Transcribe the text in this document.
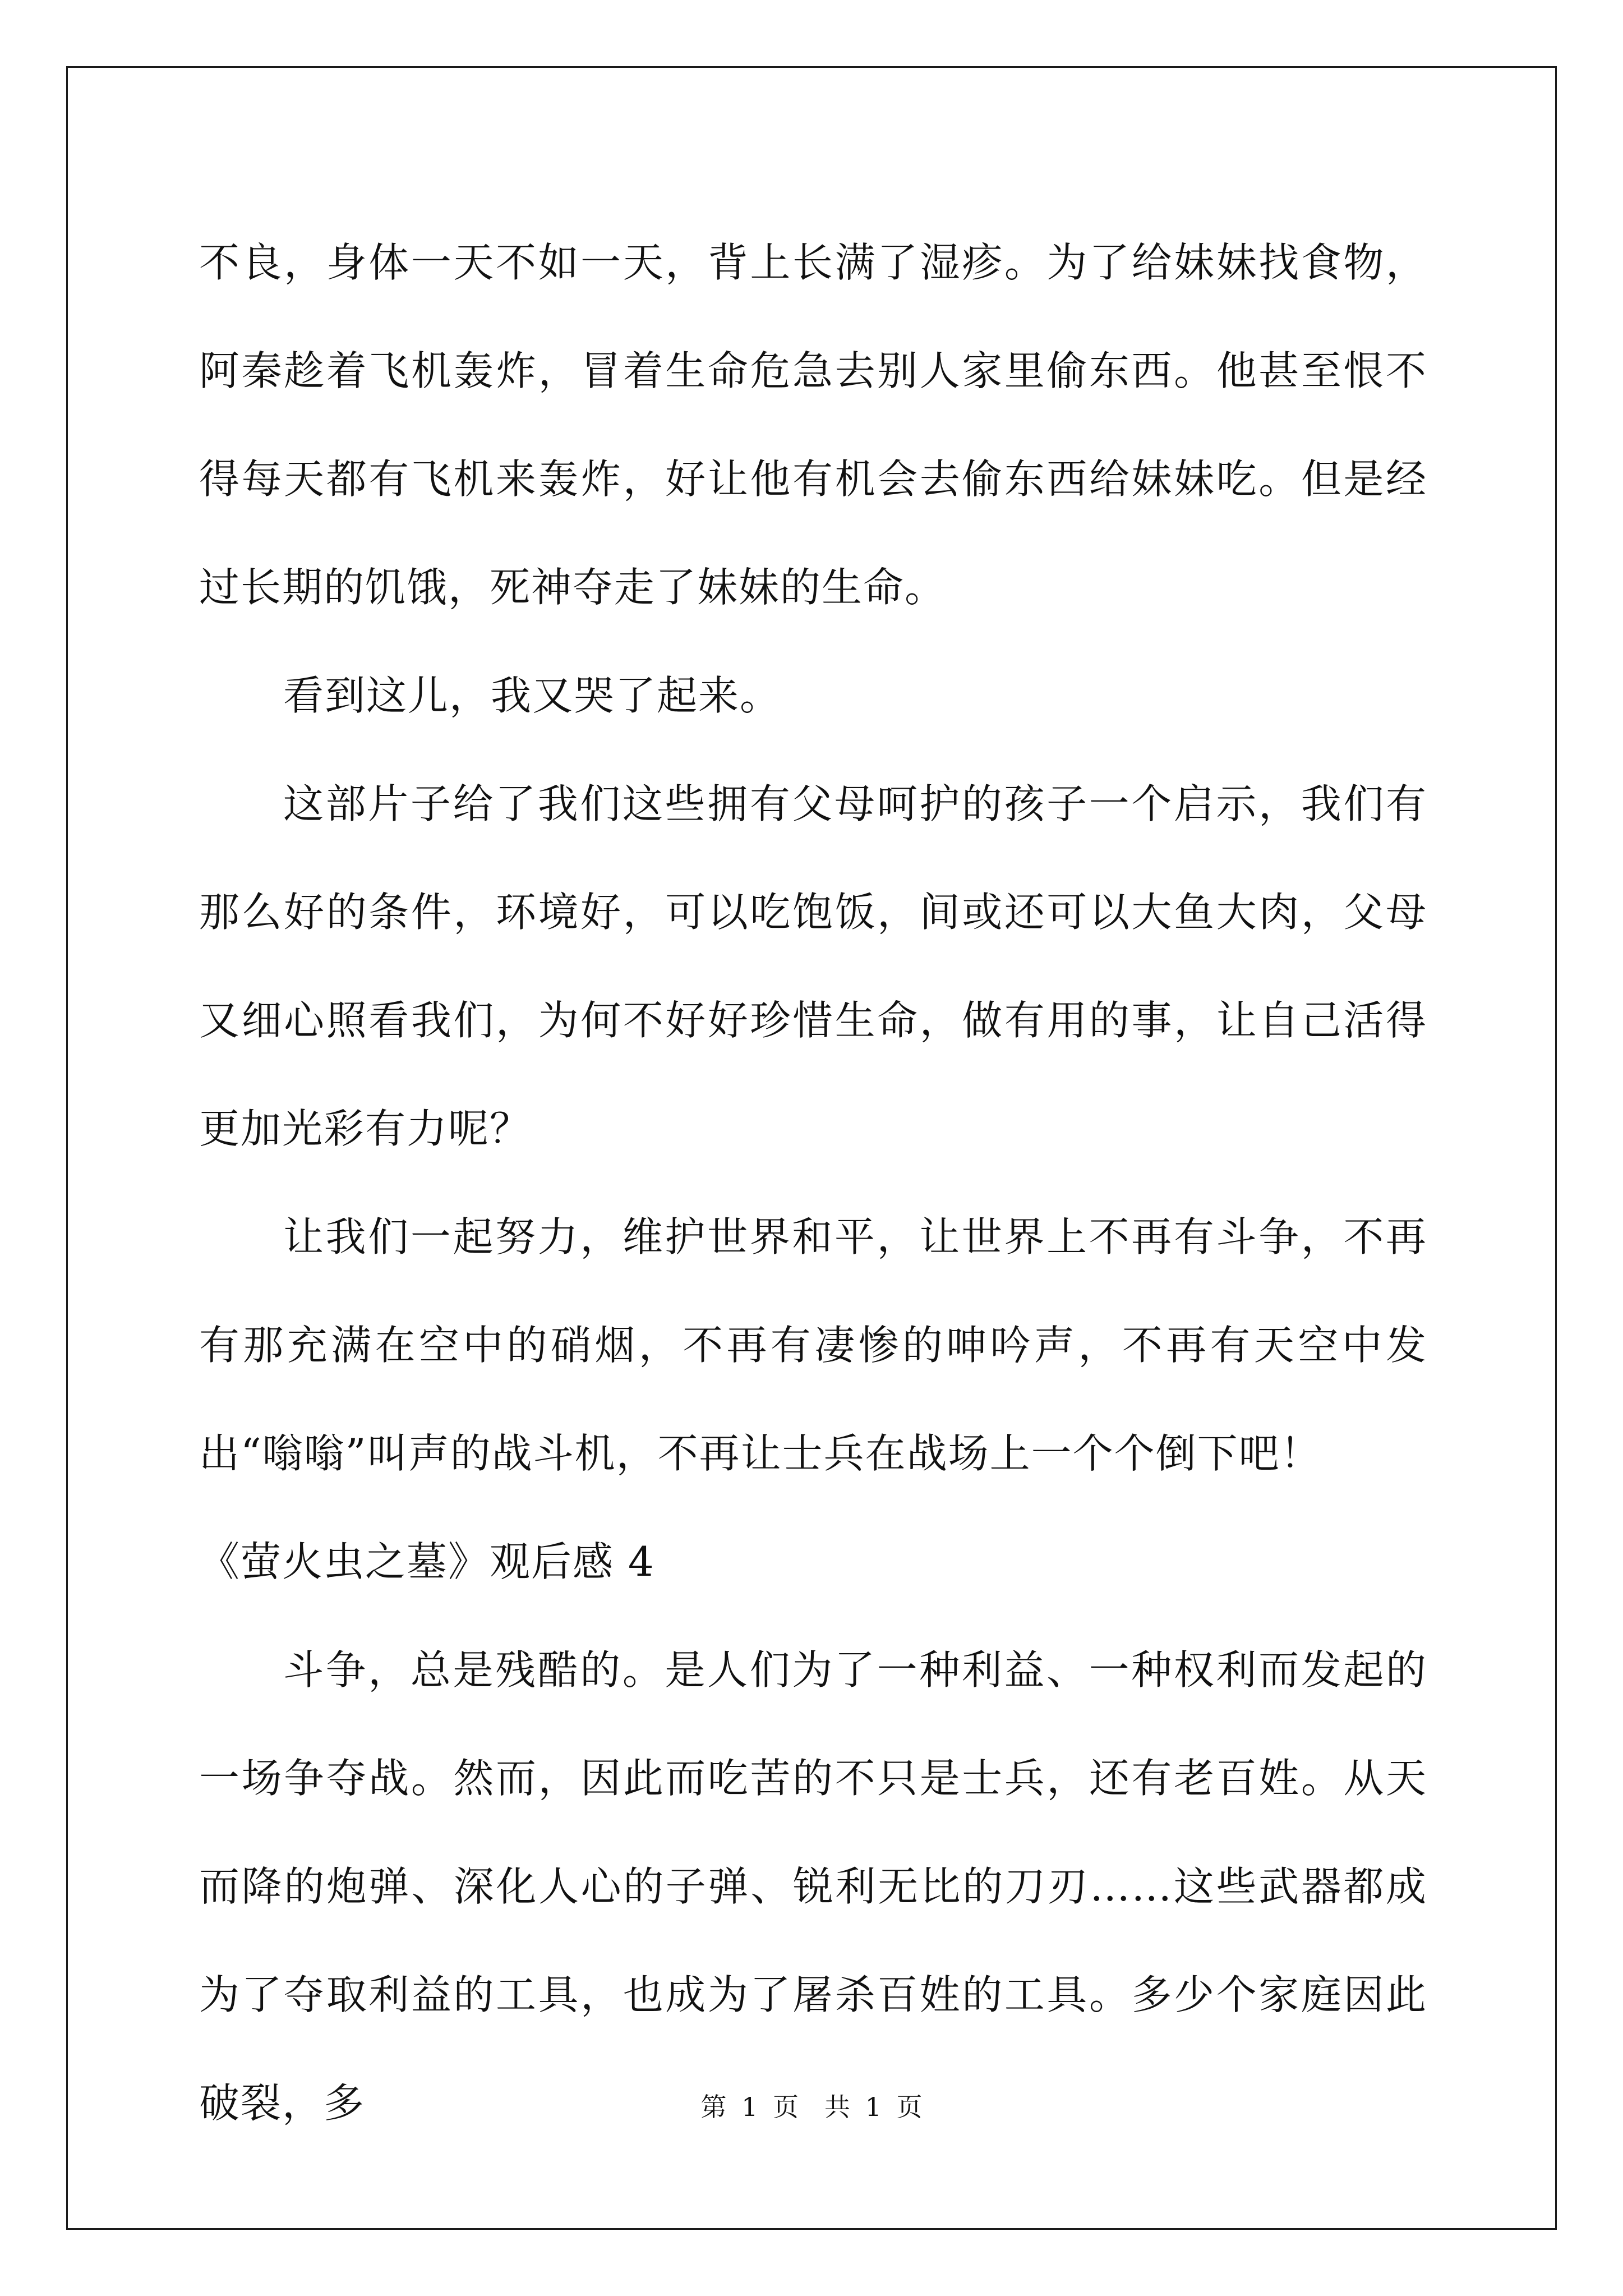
不良，身体一天不如一天，背上长满了湿疹。为了给妹妹找食物，阿秦趁着飞机轰炸，冒着生命危急去别人家里偷东西。他甚至恨不得每天都有飞机来轰炸，好让他有机会去偷东西给妹妹吃。但是经过长期的饥饿，死神夺走了妹妹的生命。

看到这儿，我又哭了起来。

这部片子给了我们这些拥有父母呵护的孩子一个启示，我们有那么好的条件，环境好，可以吃饱饭，间或还可以大鱼大肉，父母又细心照看我们，为何不好好珍惜生命，做有用的事，让自己活得更加光彩有力呢？

让我们一起努力，维护世界和平，让世界上不再有斗争，不再有那充满在空中的硝烟，不再有凄惨的呻吟声，不再有天空中发出“嗡嗡”叫声的战斗机，不再让士兵在战场上一个个倒下吧！

《萤火虫之墓》观后感 4

斗争，总是残酷的。是人们为了一种利益、一种权利而发起的一场争夺战。然而，因此而吃苦的不只是士兵，还有老百姓。从天而降的炮弹、深化人心的子弹、锐利无比的刀刃……这些武器都成为了夺取利益的工具，也成为了屠杀百姓的工具。多少个家庭因此破裂，多	第 1 页　共 1 页
